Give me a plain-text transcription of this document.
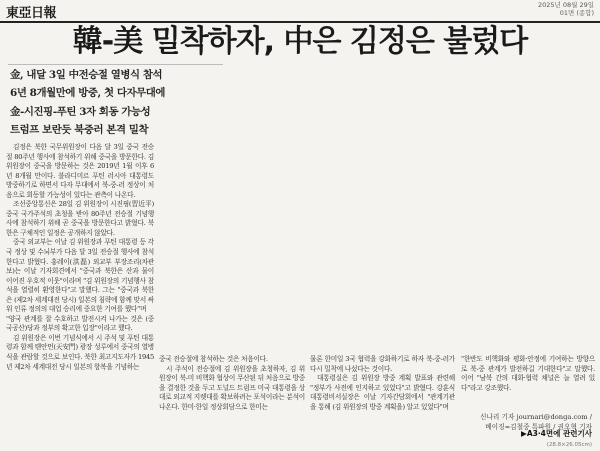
東亞日報
2025년 08월 29일
01면 (종합)
韓-美 밀착하자, 中은 김정은 불렀다
金, 내달 3일 中전승절 열병식 참석
6년 8개월만에 방중, 첫 다자무대에
金-시진핑-푸틴 3자 회동 가능성
트럼프 보란듯 북중러 본격 밀착

김정은 북한 국무위원장이 다음 달 3일 중국 전승절 80주년 행사에 참석하기 위해 중국을 방문한다. 김 위원장이 중국을 방문하는 것은 2019년 1월 이후 6년 8개월 만이다. 블라디미르 푸틴 러시아 대통령도 방중하기로 하면서 다자 무대에서 북-중-러 정상이 처음으로 회동할 가능성이 있다는 관측이 나온다.

조선중앙통신은 28일 김 위원장이 시진핑(習近平) 중국 국가주석의 초청을 받아 80주년 전승절 기념행사에 참석하기 위해 곧 중국을 방문한다고 밝혔다. 북한은 구체적인 일정은 공개하지 않았다.

중국 외교부는 이날 김 위원장과 푸틴 대통령 등 각국 정상 및 수뇌부가 다음 달 3일 전승절 행사에 참석한다고 밝혔다. 훙레이(洪磊) 외교부 부장조리(차관보)는 이날 기자회견에서 "중국과 북한은 산과 물이 이어진 우호적 이웃"이라며 "김 위원장의 기념행사 참석을 열렬히 환영한다"고 말했다. 그는 "중국과 북한은 (제2차 세계대전 당시) 일본의 침략에 함께 맞서 싸워 인류 정의의 대업 승리에 중요한 기여를 했다"며

"양국 관계를 잘 수호하고 발전시켜 나가는 것은 (중국공산)당과 정부의 확고한 입장"이라고 했다.

김 위원장은 이번 기념식에서 시 주석 및 푸틴 대통령과 함께 톈안먼(天安門) 광장 성루에서 중국의 열병식을 관람할 것으로 보인다. 북한 최고지도자가 1945년 제2차 세계대전 당시 일본의 항복을 기념하는

중국 전승절에 참석하는 것은 처음이다.

시 주석이 전승절에 김 위원장을 초청하자, 김 위원장이 북-미 비핵화 협상이 무산된 뒤 처음으로 방중을 결정한 것을 두고 도널드 트럼프 미국 대통령을 상대로 외교적 지렛대를 확보하려는 포석이라는 분석이 나온다. 한미·한일 정상회담으로 한미는

물론 한미일 3국 협력을 강화하기로 하자 북-중-러가 다시 밀착에 나섰다는 것이다.

대통령실은 김 위원장 방중 계획 발표와 관련해 "정부가 사전에 인지하고 있었다"고 밝혔다. 강훈식 대통령비서실장은 이날 기자간담회에서 "관계기관을 통해 (김 위원장의 방중 계획을) 알고 있었다"며

"한반도 비핵화와 평화·안정에 기여하는 방향으로 북-중 관계가 발전하길 기대한다"고 말했다. 이어 "남북 간의 대화·협력 채널은 늘 열려 있다"라고 강조했다.

신나리 기자 journari@donga.com /
베이징=김철중 특파원 / 권오혁 기자
▶A3·4면에 관련기사
(28.8×26.05cm)
